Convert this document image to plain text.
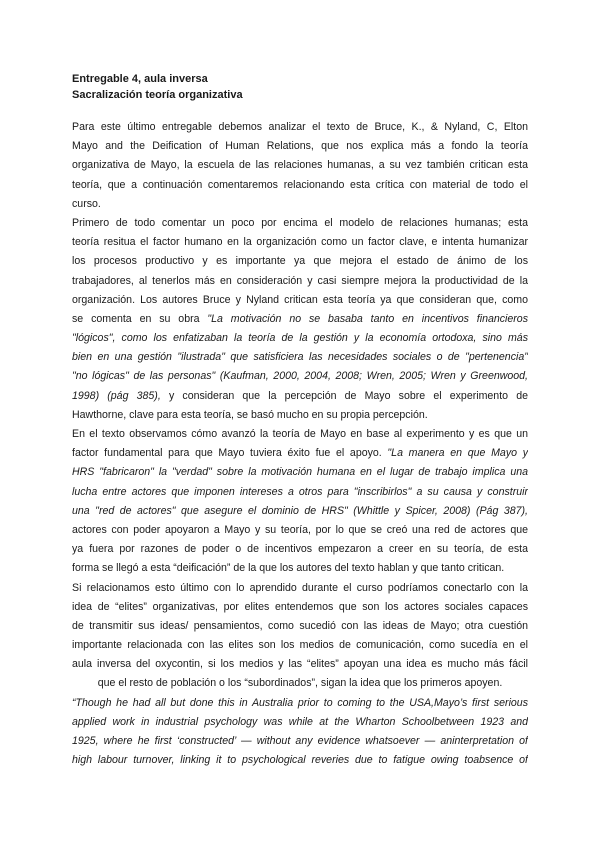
Entregable 4, aula inversa
Sacralización teoría organizativa
Para este último entregable debemos analizar el texto de Bruce, K., & Nyland, C, Elton
Mayo and the Deification of Human Relations, que nos explica más a fondo la teoría
organizativa de Mayo, la escuela de las relaciones humanas, a su vez también critican esta
teoría, que a continuación comentaremos relacionando esta crítica con material de todo el
curso.
Primero de todo comentar un poco por encima el modelo de relaciones humanas; esta
teoría resitua el factor humano en la organización como un factor clave, e intenta humanizar
los procesos productivo y es importante ya que mejora el estado de ánimo de los
trabajadores, al tenerlos más en consideración y casi siempre mejora la productividad de la
organización. Los autores Bruce y Nyland critican esta teoría ya que consideran que, como
se comenta en su obra "La motivación no se basaba tanto en incentivos financieros
"lógicos", como los enfatizaban la teoría de la gestión y la economía ortodoxa, sino más
bien en una gestión "ilustrada" que satisficiera las necesidades sociales o de "pertenencia"
"no lógicas" de las personas" (Kaufman, 2000, 2004, 2008; Wren, 2005; Wren y Greenwood,
1998) (pág 385), y consideran que la percepción de Mayo sobre el experimento de
Hawthorne, clave para esta teoría, se basó mucho en su propia percepción.
En el texto observamos cómo avanzó la teoría de Mayo en base al experimento y es que un
factor fundamental para que Mayo tuviera éxito fue el apoyo. "La manera en que Mayo y
HRS "fabricaron" la "verdad" sobre la motivación humana en el lugar de trabajo implica una
lucha entre actores que imponen intereses a otros para "inscribirlos" a su causa y construir
una "red de actores" que asegure el dominio de HRS" (Whittle y Spicer, 2008) (Pág 387),
actores con poder apoyaron a Mayo y su teoría, por lo que se creó una red de actores que
ya fuera por razones de poder o de incentivos empezaron a creer en su teoría, de esta
forma se llegó a esta “deificación” de la que los autores del texto hablan y que tanto critican.
Si relacionamos esto último con lo aprendido durante el curso podríamos conectarlo con la
idea de “elites” organizativas, por elites entendemos que son los actores sociales capaces
de transmitir sus ideas/ pensamientos, como sucedió con las ideas de Mayo; otra cuestión
importante relacionada con las elites son los medios de comunicación, como sucedía en el
aula inversa del oxycontin, si los medios y las “elites” apoyan una idea es mucho más fácil
que el resto de población o los “subordinados”, sigan la idea que los primeros apoyen.
“Though he had all but done this in Australia prior to coming to the USA,Mayo’s first serious
applied work in industrial psychology was while at the Wharton Schoolbetween 1923 and
1925, where he first ‘constructed’ — without any evidence whatsoever — aninterpretation of
high labour turnover, linking it to psychological reveries due to fatigue owing toabsence of
